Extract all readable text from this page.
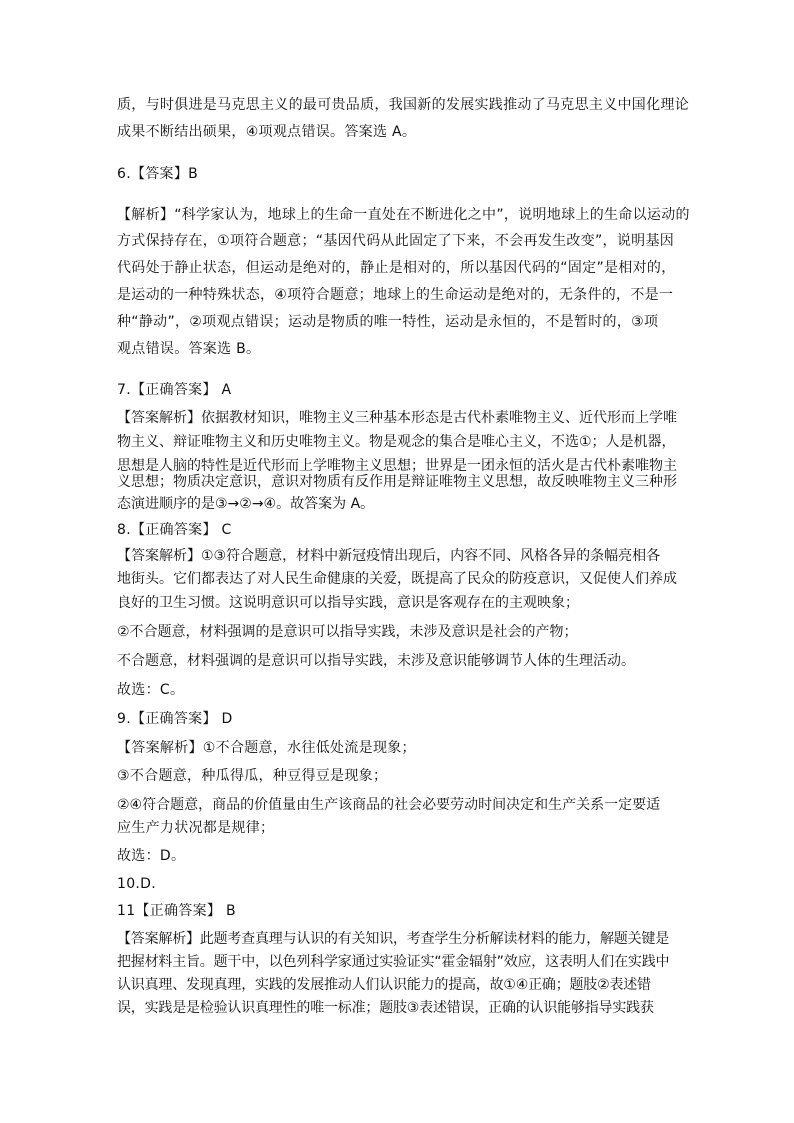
质，与时俱进是马克思主义的最可贵品质，我国新的发展实践推动了马克思主义中国化理论
成果不断结出硕果，④项观点错误。答案选 A。
6.【答案】B
【解析】“科学家认为，地球上的生命一直处在不断进化之中”，说明地球上的生命以运动的
方式保持存在，①项符合题意；“基因代码从此固定了下来，不会再发生改变”，说明基因
代码处于静止状态，但运动是绝对的，静止是相对的，所以基因代码的“固定”是相对的，
是运动的一种特殊状态，④项符合题意；地球上的生命运动是绝对的，无条件的，不是一
种“静动”，②项观点错误；运动是物质的唯一特性，运动是永恒的，不是暂时的，③项
观点错误。答案选 B。
7.【正确答案】 A
【答案解析】依据教材知识，唯物主义三种基本形态是古代朴素唯物主义、近代形而上学唯
物主义、辩证唯物主义和历史唯物主义。物是观念的集合是唯心主义，不选①；人是机器，
思想是人脑的特性是近代形而上学唯物主义思想；世界是一团永恒的活火是古代朴素唯物主
义思想；物质决定意识，意识对物质有反作用是辩证唯物主义思想，故反映唯物主义三种形
态演进顺序的是③→②→④。故答案为 A。
8.【正确答案】 C
【答案解析】①③符合题意，材料中新冠疫情出现后，内容不同、风格各异的条幅亮相各
地街头。它们都表达了对人民生命健康的关爱，既提高了民众的防疫意识，又促使人们养成
良好的卫生习惯。这说明意识可以指导实践，意识是客观存在的主观映象；
②不合题意，材料强调的是意识可以指导实践，未涉及意识是社会的产物；
不合题意，材料强调的是意识可以指导实践，未涉及意识能够调节人体的生理活动。
故选：C。
9.【正确答案】 D
【答案解析】①不合题意，水往低处流是现象；
③不合题意，种瓜得瓜，种豆得豆是现象；
②④符合题意，商品的价值量由生产该商品的社会必要劳动时间决定和生产关系一定要适
应生产力状况都是规律；
故选：D。
10.D.
11【正确答案】 B
【答案解析】此题考查真理与认识的有关知识，考查学生分析解读材料的能力，解题关键是
把握材料主旨。题干中，以色列科学家通过实验证实“霍金辐射”效应，这表明人们在实践中
认识真理、发现真理，实践的发展推动人们认识能力的提高，故①④正确；题肢②表述错
误，实践是是检验认识真理性的唯一标准；题肢③表述错误，正确的认识能够指导实践获
